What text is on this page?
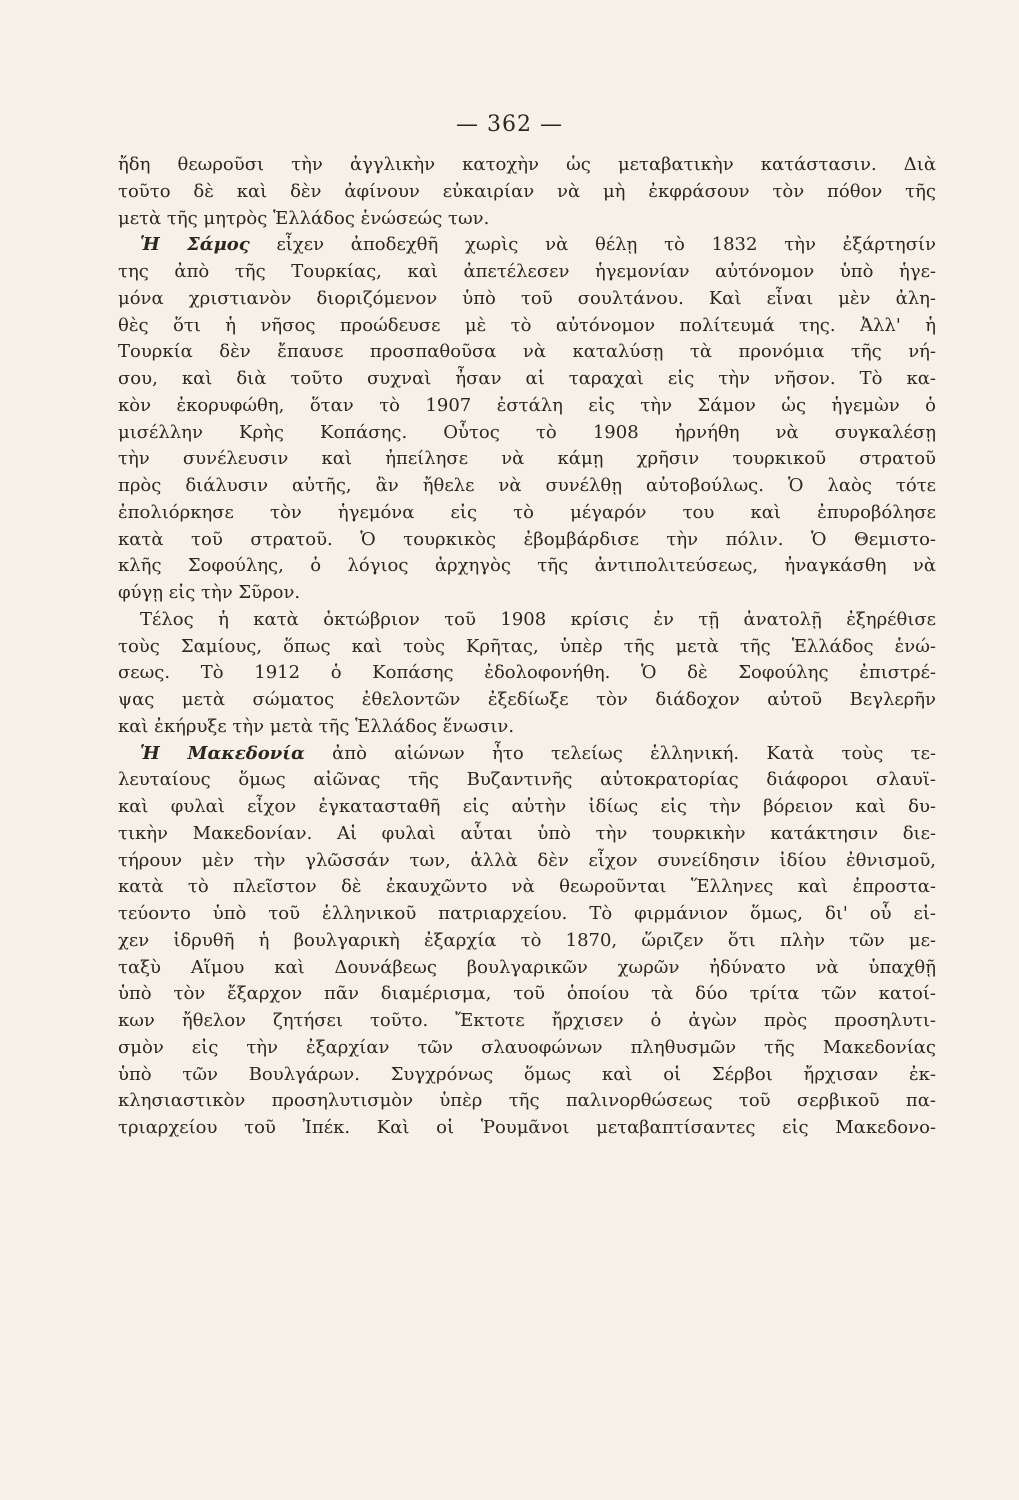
— 362 —
ἤδη θεωροῦσι τὴν ἀγγλικὴν κατοχὴν ὡς μεταβατικὴν κατάστασιν. Διὰ
τοῦτο δὲ καὶ δὲν ἀφίνουν εὐκαιρίαν νὰ μὴ ἐκφράσουν τὸν πόθον τῆς
μετὰ τῆς μητρὸς Ἑλλάδος ἑνώσεώς των.
Ἡ Σάμος εἶχεν ἀποδεχθῆ χωρὶς νὰ θέλῃ τὸ 1832 τὴν ἐξάρτησίν
της ἀπὸ τῆς Τουρκίας, καὶ ἀπετέλεσεν ἡγεμονίαν αὐτόνομον ὑπὸ ἡγε-
μόνα χριστιανὸν διοριζόμενον ὑπὸ τοῦ σουλτάνου. Καὶ εἶναι μὲν ἀλη-
θὲς ὅτι ἡ νῆσος προώδευσε μὲ τὸ αὐτόνομον πολίτευμά της. Ἀλλ' ἡ
Τουρκία δὲν ἔπαυσε προσπαθοῦσα νὰ καταλύσῃ τὰ προνόμια τῆς νή-
σου, καὶ διὰ τοῦτο συχναὶ ἦσαν αἱ ταραχαὶ εἰς τὴν νῆσον. Τὸ κα-
κὸν ἐκορυφώθη, ὅταν τὸ 1907 ἐστάλη εἰς τὴν Σάμον ὡς ἡγεμὼν ὁ
μισέλλην Κρὴς Κοπάσης. Οὗτος τὸ 1908 ἠρνήθη νὰ συγκαλέσῃ
τὴν συνέλευσιν καὶ ἠπείλησε νὰ κάμῃ χρῆσιν τουρκικοῦ στρατοῦ
πρὸς διάλυσιν αὐτῆς, ἂν ἤθελε νὰ συνέλθῃ αὐτοβούλως. Ὁ λαὸς τότε
ἐπολιόρκησε τὸν ἡγεμόνα εἰς τὸ μέγαρόν του καὶ ἐπυροβόλησε
κατὰ τοῦ στρατοῦ. Ὁ τουρκικὸς ἐβομβάρδισε τὴν πόλιν. Ὁ Θεμιστο-
κλῆς Σοφούλης, ὁ λόγιος ἀρχηγὸς τῆς ἀντιπολιτεύσεως, ἠναγκάσθη νὰ
φύγῃ εἰς τὴν Σῦρον.
Τέλος ἡ κατὰ ὀκτώβριον τοῦ 1908 κρίσις ἐν τῇ ἀνατολῇ ἐξηρέθισε
τοὺς Σαμίους, ὅπως καὶ τοὺς Κρῆτας, ὑπὲρ τῆς μετὰ τῆς Ἑλλάδος ἑνώ-
σεως. Τὸ 1912 ὁ Κοπάσης ἐδολοφονήθη. Ὁ δὲ Σοφούλης ἐπιστρέ-
ψας μετὰ σώματος ἐθελοντῶν ἐξεδίωξε τὸν διάδοχον αὐτοῦ Βεγλερῆν
καὶ ἐκήρυξε τὴν μετὰ τῆς Ἑλλάδος ἕνωσιν.
Ἡ Μακεδονία ἀπὸ αἰώνων ἦτο τελείως ἑλληνική. Κατὰ τοὺς τε-
λευταίους ὅμως αἰῶνας τῆς Βυζαντινῆς αὐτοκρατορίας διάφοροι σλαυϊ-
καὶ φυλαὶ εἶχον ἐγκατασταθῆ εἰς αὐτὴν ἰδίως εἰς τὴν βόρειον καὶ δυ-
τικὴν Μακεδονίαν. Αἱ φυλαὶ αὗται ὑπὸ τὴν τουρκικὴν κατάκτησιν διε-
τήρουν μὲν τὴν γλῶσσάν των, ἀλλὰ δὲν εἶχον συνείδησιν ἰδίου ἐθνισμοῦ,
κατὰ τὸ πλεῖστον δὲ ἐκαυχῶντο νὰ θεωροῦνται Ἕλληνες καὶ ἐπροστα-
τεύοντο ὑπὸ τοῦ ἑλληνικοῦ πατριαρχείου. Τὸ φιρμάνιον ὅμως, δι' οὗ εἰ-
χεν ἱδρυθῆ ἡ βουλγαρικὴ ἐξαρχία τὸ 1870, ὥριζεν ὅτι πλὴν τῶν με-
ταξὺ Αἵμου καὶ Δουνάβεως βουλγαρικῶν χωρῶν ἠδύνατο νὰ ὑπαχθῇ
ὑπὸ τὸν ἔξαρχον πᾶν διαμέρισμα, τοῦ ὁποίου τὰ δύο τρίτα τῶν κατοί-
κων ἤθελον ζητήσει τοῦτο. Ἔκτοτε ἤρχισεν ὁ ἀγὼν πρὸς προσηλυτι-
σμὸν εἰς τὴν ἐξαρχίαν τῶν σλαυοφώνων πληθυσμῶν τῆς Μακεδονίας
ὑπὸ τῶν Βουλγάρων. Συγχρόνως ὅμως καὶ οἱ Σέρβοι ἤρχισαν ἐκ-
κλησιαστικὸν προσηλυτισμὸν ὑπὲρ τῆς παλινορθώσεως τοῦ σερβικοῦ πα-
τριαρχείου τοῦ Ἰπέκ. Καὶ οἱ Ῥουμᾶνοι μεταβαπτίσαντες εἰς Μακεδονο-
